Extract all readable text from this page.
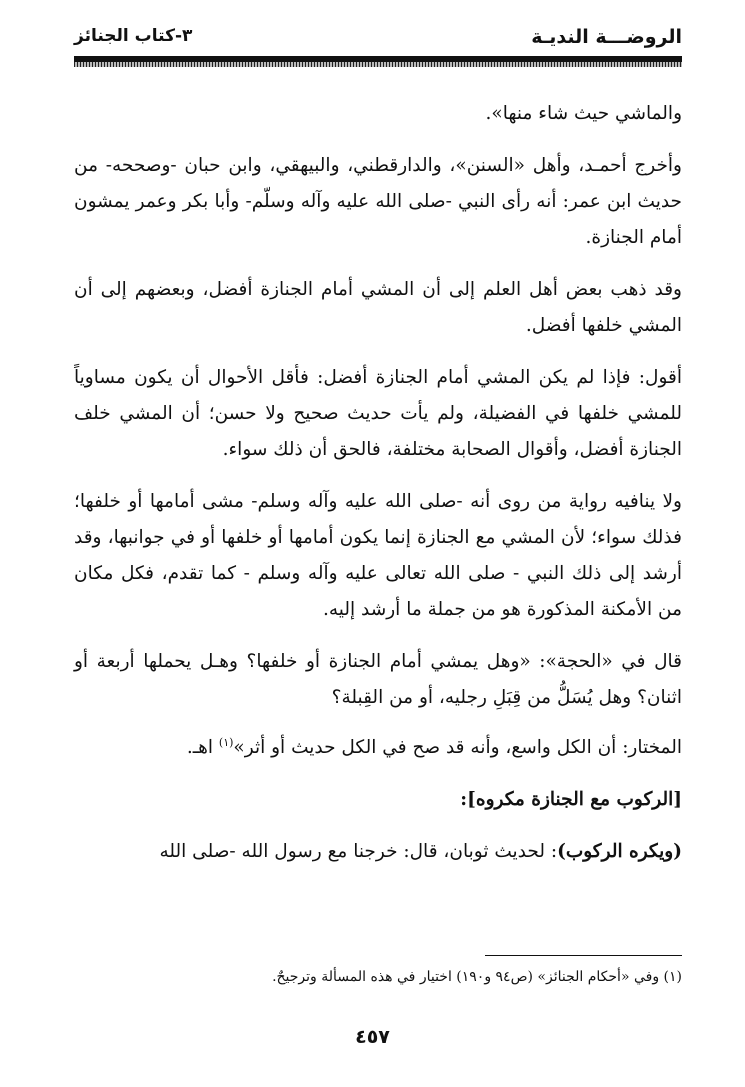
الروضـــة النديـة
٣-كتاب الجنائز

والماشي حيث شاء منها».

وأخرج أحمـد، وأهل «السنن»، والدارقطني، والبيهقي، وابن حبان -وصححه- من حديث ابن عمر: أنه رأى النبي -صلى الله عليه وآله وسلّم- وأبا بكر وعمر يمشون أمام الجنازة.

وقد ذهب بعض أهل العلم إلى أن المشي أمام الجنازة أفضل، وبعضهم إلى أن المشي خلفها أفضل.

أقول: فإذا لم يكن المشي أمام الجنازة أفضل: فأقل الأحوال أن يكون مساوياً للمشي خلفها في الفضيلة، ولم يأت حديث صحيح ولا حسن؛ أن المشي خلف الجنازة أفضل، وأقوال الصحابة مختلفة، فالحق أن ذلك سواء.

ولا ينافيه رواية من روى أنه -صلى الله عليه وآله وسلم- مشى أمامها أو خلفها؛ فذلك سواء؛ لأن المشي مع الجنازة إنما يكون أمامها أو خلفها أو في جوانبها، وقد أرشد إلى ذلك النبي - صلى الله تعالى عليه وآله وسلم - كما تقدم، فكل مكان من الأمكنة المذكورة هو من جملة ما أرشد إليه.

قال في «الحجة»: «وهل يمشي أمام الجنازة أو خلفها؟ وهـل يحملها أربعة أو اثنان؟ وهل يُسَلُّ من قِبَلِ رجليه، أو من القِبلة؟

المختار: أن الكل واسع، وأنه قد صح في الكل حديث أو أثر»$^{(١)}$ اهـ.

[الركوب مع الجنازة مكروه]:

(ويكره الركوب): لحديث ثوبان، قال: خرجنا مع رسول الله -صلى الله

(١) وفي «أحكام الجنائز» (ص٩٤ و١٩٠) اختيار في هذه المسألة وترجيحٌ.
٤٥٧
